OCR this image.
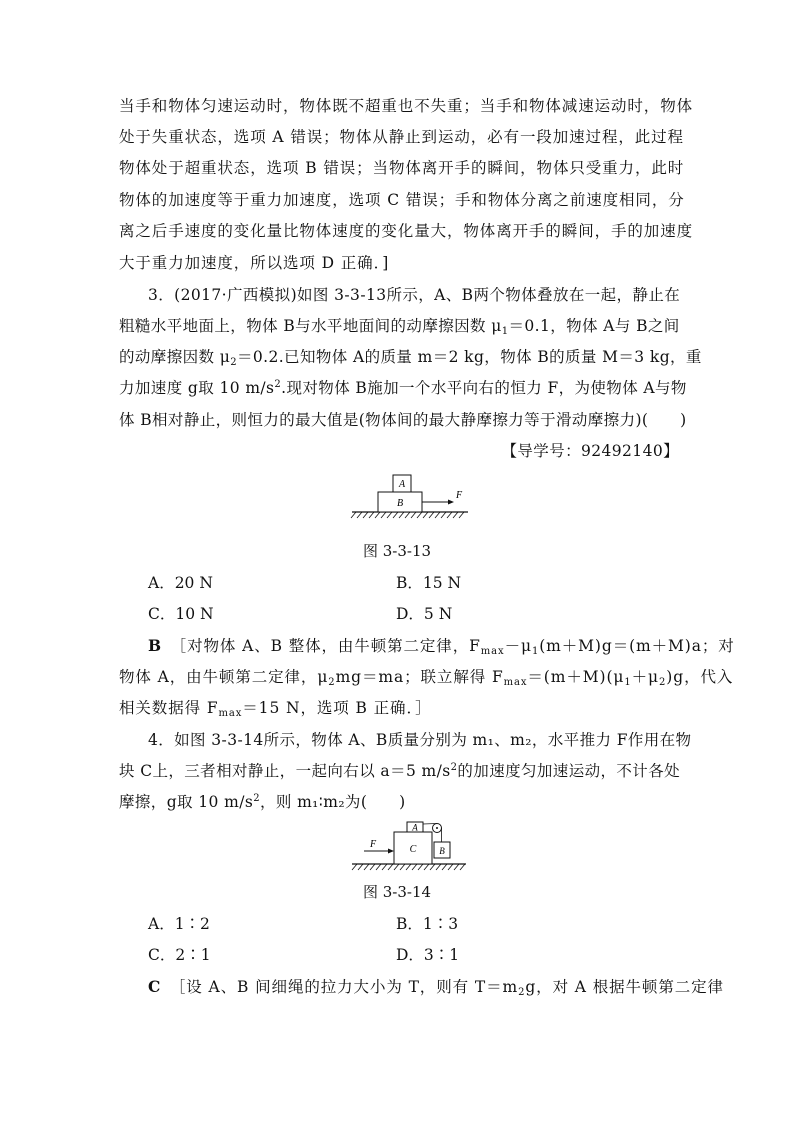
当手和物体匀速运动时，物体既不超重也不失重；当手和物体减速运动时，物体

处于失重状态，选项 A 错误；物体从静止到运动，必有一段加速过程，此过程

物体处于超重状态，选项 B 错误；当物体离开手的瞬间，物体只受重力，此时

物体的加速度等于重力加速度，选项 C 错误；手和物体分离之前速度相同，分

离之后手速度的变化量比物体速度的变化量大，物体离开手的瞬间，手的加速度

大于重力加速度，所以选项 D 正确．]

3．(2017·广西模拟)如图 3-3-13所示，A、B两个物体叠放在一起，静止在

粗糙水平地面上，物体 B与水平地面间的动摩擦因数 $\mu_1=0.1$，物体 A与 B之间

的动摩擦因数 $\mu_2=0.2$.已知物体 A的质量 m＝2 kg，物体 B的质量 M＝3 kg，重

力加速度 g取 10 $m/s^2$.现对物体 B施加一个水平向右的恒力 F，为使物体 A与物

体 B相对静止，则恒力的最大值是(物体间的最大静摩擦力等于滑动摩擦力)(　　)

【导学号：92492140】

A
B
F
图 3-3-13
A．20 N	B．15 N
C．10 N	D．5 N

B　 ［对物体 A、B 整体，由牛顿第二定律，$F_{max}-\mu_1(m+M)g=(m+M)a$；对

物体 A，由牛顿第二定律，$\mu_2mg=ma$；联立解得 $F_{max}=(m+M)(\mu_1+\mu_2)g$，代入

相关数据得 $F_{max}=15$ N，选项 B 正确．］

4．如图 3-3-14所示，物体 A、B质量分别为 m₁、m₂，水平推力 F作用在物

块 C上，三者相对静止，一起向右以 a＝5 $m/s^2$的加速度匀加速运动，不计各处

摩擦，g取 10 $m/s^2$，则 m₁∶m₂为(　　)

A
B
C
F
图 3-3-14
A．1∶2	B．1∶3
C．2∶1	D．3∶1

C　 ［设 A、B 间细绳的拉力大小为 T，则有 $T=m_2g$，对 A 根据牛顿第二定律
